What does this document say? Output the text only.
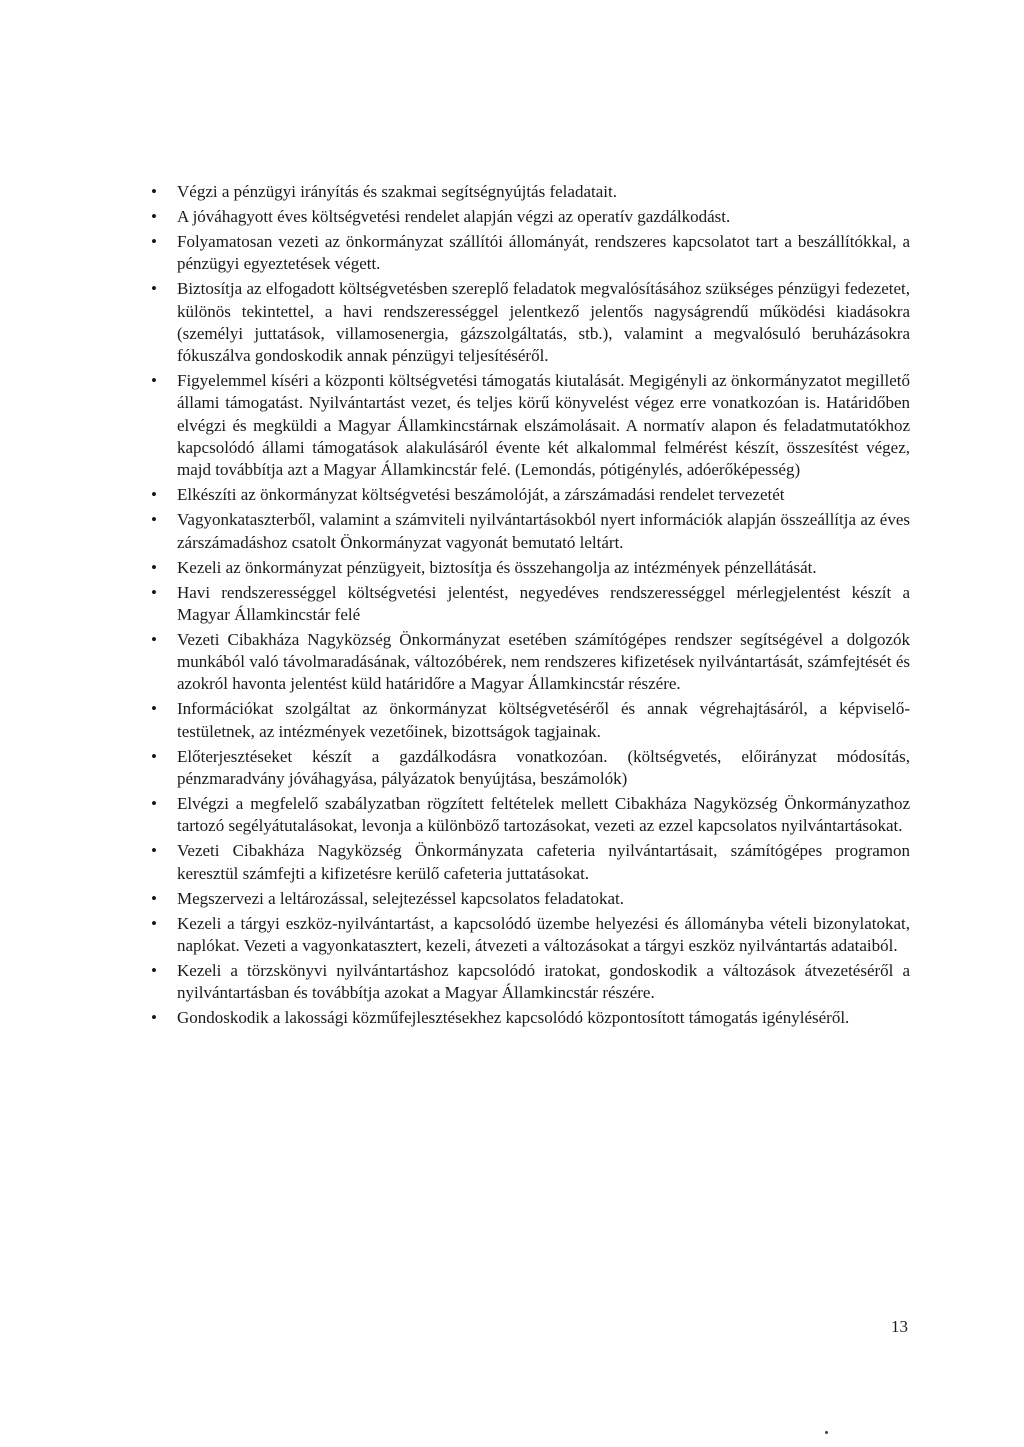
• Végzi a pénzügyi irányítás és szakmai segítségnyújtás feladatait.
• A jóváhagyott éves költségvetési rendelet alapján végzi az operatív gazdálkodást.
• Folyamatosan vezeti az önkormányzat szállítói állományát, rendszeres kapcsolatot tart a beszállítókkal, a pénzügyi egyeztetések végett.
• Biztosítja az elfogadott költségvetésben szereplő feladatok megvalósításához szükséges pénzügyi fedezetet, különös tekintettel, a havi rendszerességgel jelentkező jelentős nagyságrendű működési kiadásokra (személyi juttatások, villamosenergia, gázszolgáltatás, stb.), valamint a megvalósuló beruházásokra fókuszálva gondoskodik annak pénzügyi teljesítéséről.
• Figyelemmel kíséri a központi költségvetési támogatás kiutalását. Megigényli az önkormányzatot megillető állami támogatást. Nyilvántartást vezet, és teljes körű könyvelést végez erre vonatkozóan is. Határidőben elvégzi és megküldi a Magyar Államkincstárnak elszámolásait. A normatív alapon és feladatmutatókhoz kapcsolódó állami támogatások alakulásáról évente két alkalommal felmérést készít, összesítést végez, majd továbbítja azt a Magyar Államkincstár felé. (Lemondás, pótigénylés, adóerőképesség)
• Elkészíti az önkormányzat költségvetési beszámolóját, a zárszámadási rendelet tervezetét
• Vagyonkataszterből, valamint a számviteli nyilvántartásokból nyert információk alapján összeállítja az éves zárszámadáshoz csatolt Önkormányzat vagyonát bemutató leltárt.
• Kezeli az önkormányzat pénzügyeit, biztosítja és összehangolja az intézmények pénzellátását.
• Havi rendszerességgel költségvetési jelentést, negyedéves rendszerességgel mérlegjelentést készít a Magyar Államkincstár felé
• Vezeti Cibakháza Nagyközség Önkormányzat esetében számítógépes rendszer segítségével a dolgozók munkából való távolmaradásának, változóbérek, nem rendszeres kifizetések nyilvántartását, számfejtését és azokról havonta jelentést küld határidőre a Magyar Államkincstár részére.
• Információkat szolgáltat az önkormányzat költségvetéséről és annak végrehajtásáról, a képviselő-testületnek, az intézmények vezetőinek, bizottságok tagjainak.
• Előterjesztéseket készít a gazdálkodásra vonatkozóan. (költségvetés, előirányzat módosítás, pénzmaradvány jóváhagyása, pályázatok benyújtása, beszámolók)
• Elvégzi a megfelelő szabályzatban rögzített feltételek mellett Cibakháza Nagyközség Önkormányzathoz tartozó segélyátutalásokat, levonja a különböző tartozásokat, vezeti az ezzel kapcsolatos nyilvántartásokat.
• Vezeti Cibakháza Nagyközség Önkormányzata cafeteria nyilvántartásait, számítógépes programon keresztül számfejti a kifizetésre kerülő cafeteria juttatásokat.
• Megszervezi a leltározással, selejtezéssel kapcsolatos feladatokat.
• Kezeli a tárgyi eszköz-nyilvántartást, a kapcsolódó üzembe helyezési és állományba vételi bizonylatokat, naplókat. Vezeti a vagyonkatasztert, kezeli, átvezeti a változásokat a tárgyi eszköz nyilvántartás adataiból.
• Kezeli a törzskönyvi nyilvántartáshoz kapcsolódó iratokat, gondoskodik a változások átvezetéséről a nyilvántartásban és továbbítja azokat a Magyar Államkincstár részére.
• Gondoskodik a lakossági közműfejlesztésekhez kapcsolódó központosított támogatás igényléséről.
13
